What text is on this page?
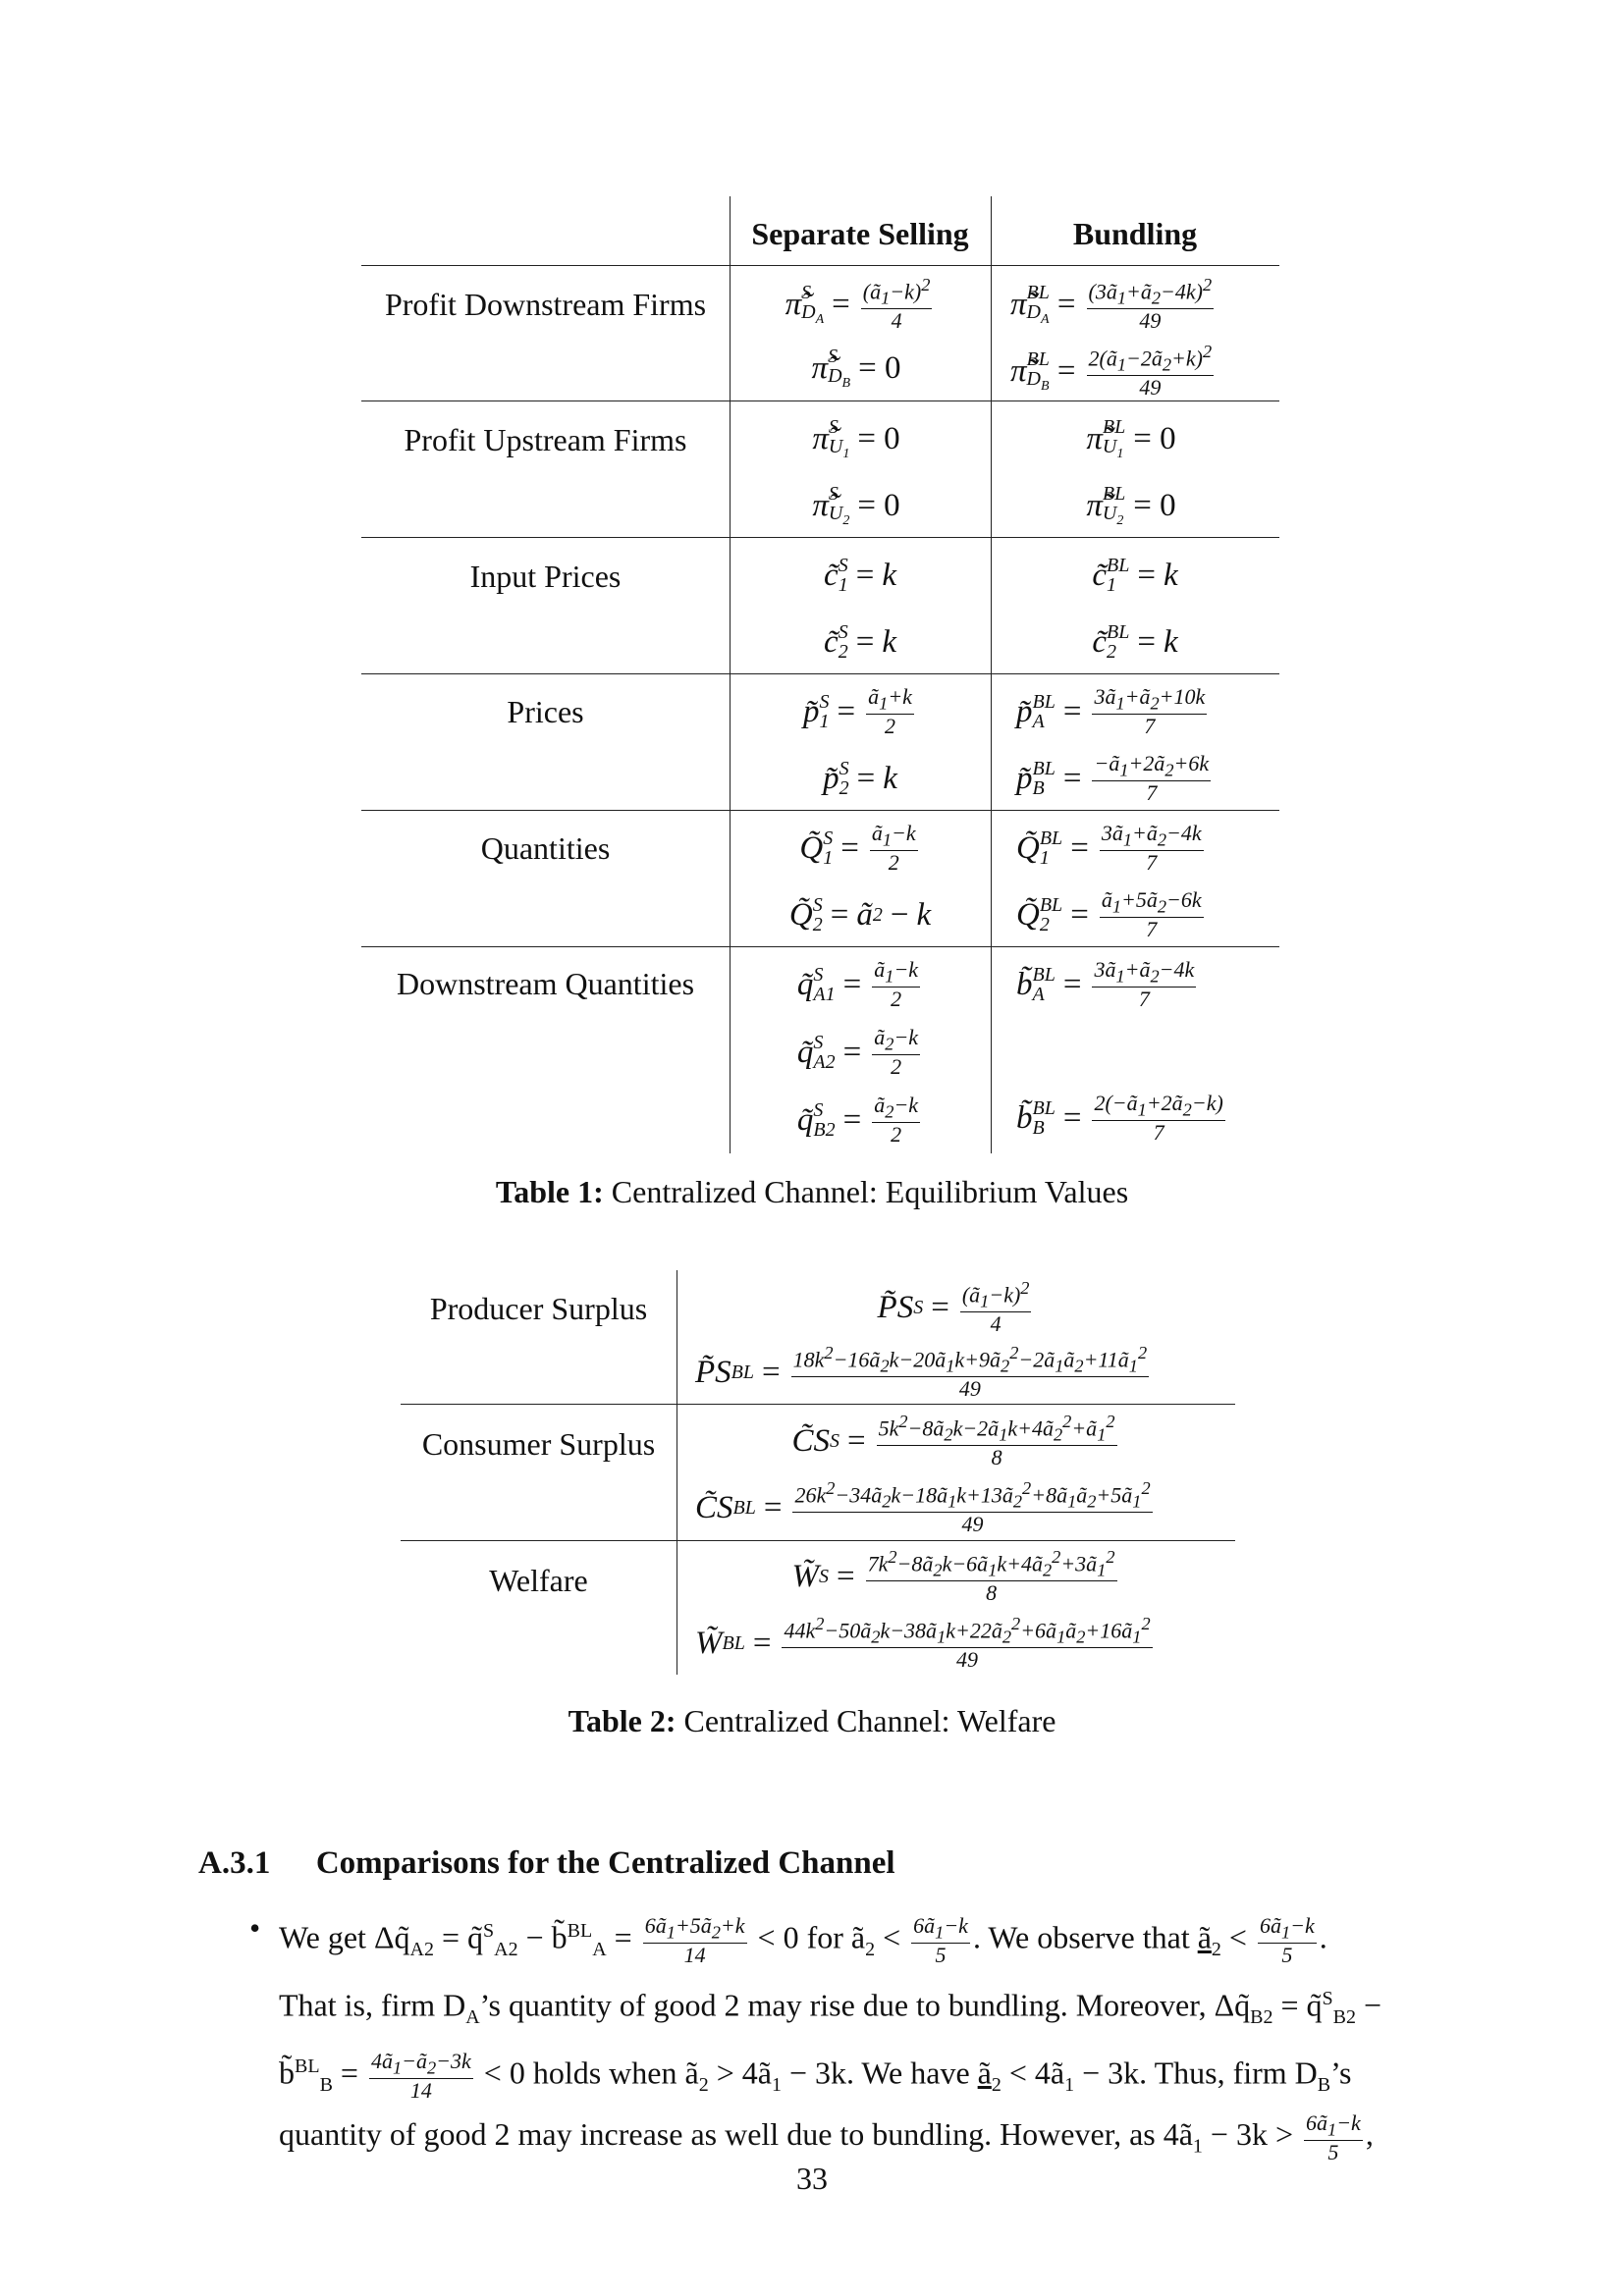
Separate Selling	Bundling
Profit Downstream Firms
Profit Upstream Firms
Input Prices
Prices
Quantities
Downstream Quantities
π̃ S
$D_A = \frac{(ã_1-k)^2}{4}$
π̃ S
$D_B = 0$
π̃ S
$U_1 = 0$
π̃ S
$U_2 = 0$
c̃ S
1 = k
c̃ S
2 = k
p̃ S
$1 = \frac{ã_1+k}{2}$
p̃ S
2 = k
Q̃ S
$1 = \frac{ã_1-k}{2}$
Q̃ S
2 = ã 2 − k
q̃ S
$A1 = \frac{ã_1-k}{2}$
q̃ S
$A2 = \frac{ã_2-k}{2}$
q̃ S
$B2 = \frac{ã_2-k}{2}$
π̃ BL
$D_A = \frac{(3ã_1+ã_2-4k)^2}{49}$
π̃ BL
$D_B = \frac{2(ã_1-2ã_2+k)^2}{49}$
π̃ BL
$U_1 = 0$
π̃ BL
$U_2 = 0$
c̃ BL
1 = k
c̃ BL
2 = k
p̃ BL
$A = \frac{3ã_1+ã_2+10k}{7}$
p̃ BL
$B = \frac{-ã_1+2ã_2+6k}{7}$
Q̃ BL
$1 = \frac{3ã_1+ã_2-4k}{7}$
Q̃ BL
$2 = \frac{ã_1+5ã_2-6k}{7}$
b̃ BL
$A = \frac{3ã_1+ã_2-4k}{7}$
b̃ BL
$B = \frac{2(-ã_1+2ã_2-k)}{7}$
Table 1: Centralized Channel: Equilibrium Values
Producer Surplus
Consumer Surplus
Welfare
P̃S $S = \frac{(ã_1-k)^2}{4}$
P̃S BL = $\frac{18k^2-16ã_2k-20ã_1k+9ã_2^2-2ã_1ã_2+11ã_1^2}{49}$
C̃S $S = \frac{5k^2-8ã_2k-2ã_1k+4ã_2^2+ã_1^2}{8}$
C̃S BL = $\frac{26k^2-34ã_2k-18ã_1k+13ã_2^2+8ã_1ã_2+5ã_1^2}{49}$
W̃ $S = \frac{7k^2-8ã_2k-6ã_1k+4ã_2^2+3ã_1^2}{8}$
W̃ BL = $\frac{44k^2-50ã_2k-38ã_1k+22ã_2^2+6ã_1ã_2+16ã_1^2}{49}$
Table 2: Centralized Channel: Welfare
A.3.1 Comparisons for the Centralized Channel
• We get $\Delta q̃_{A2}$ = q̃$^S_{A2}$ − b̃$^{BL}_A$ = $\frac{6ã_1+5ã_2+k}{14} < 0$ for $ã_2 < \frac{6ã_1-k}{5}$ . We observe that $ã_2 < \frac{6ã_1-k}{5}$ .
That is, firm $D_A’s$ quantity of good 2 may rise due to bundling. Moreover, $\Delta q̃_{B2}$ = q̃$^S_{B2}$ −
b̃$^{BL}_B$ = $\frac{4ã_1-ã_2-3k}{14} < 0$ holds when $ã_2$ > $4ã_1 - 3k$. We have $ã_2$ < $4ã_1 - 3k$. Thus, firm $D_B’s$
quantity of good 2 may increase as well due to bundling. However, as $4ã_1 - 3k > \frac{6ã_1-k}{5}$ ,
33
